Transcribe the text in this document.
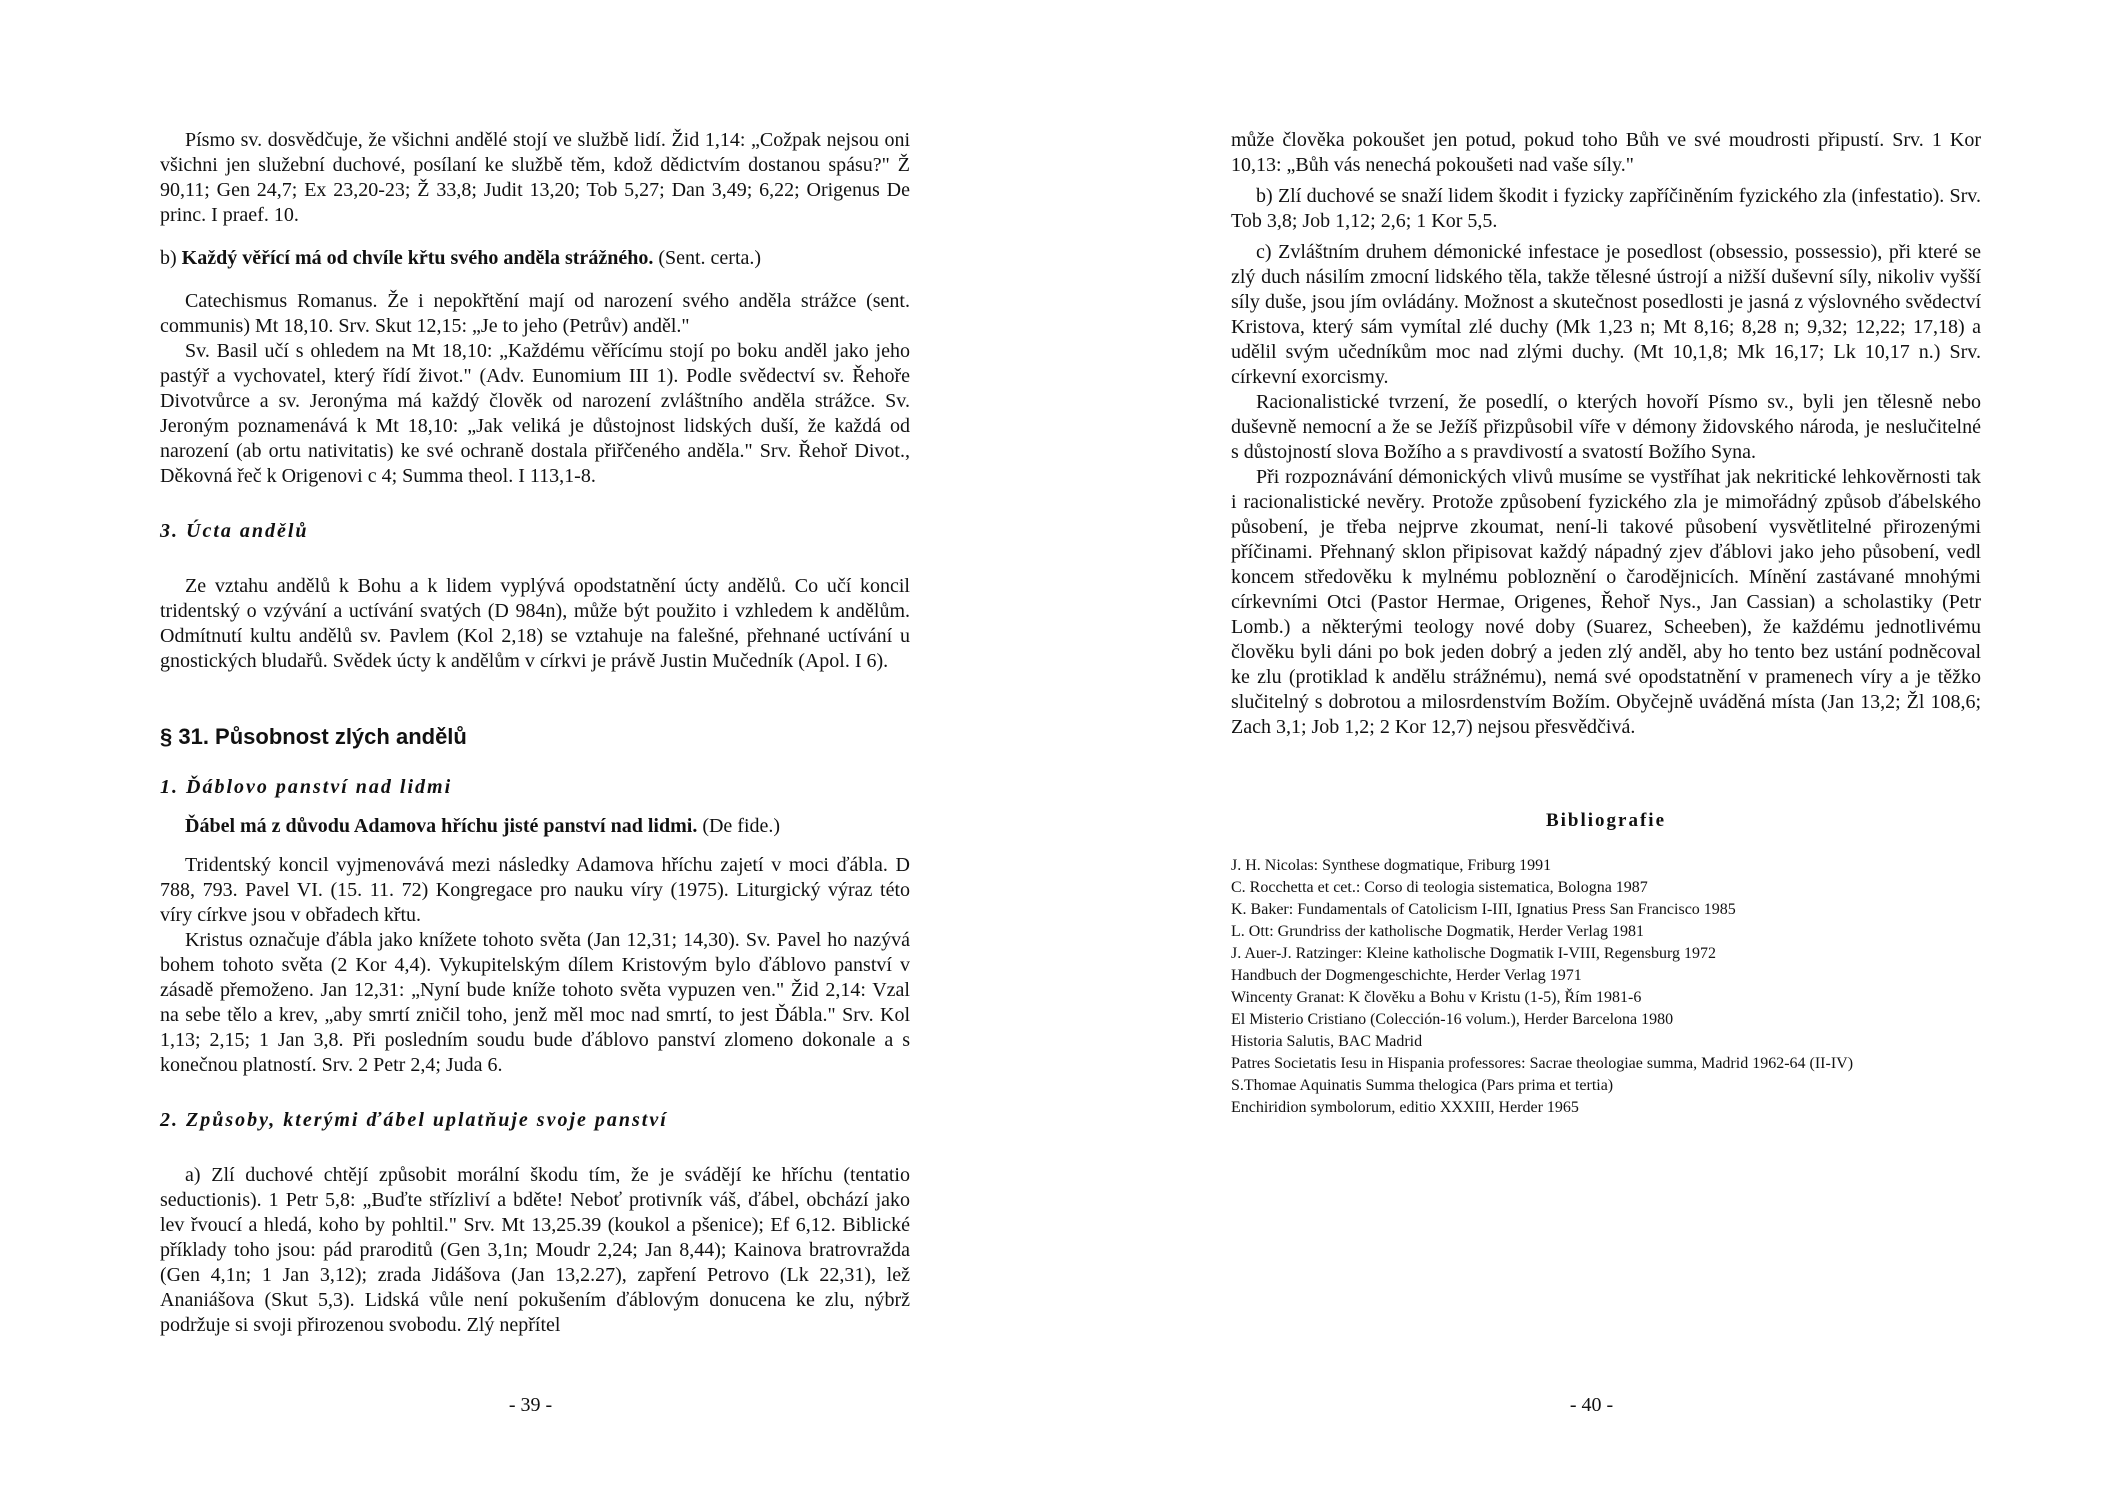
Písmo sv. dosvědčuje, že všichni andělé stojí ve službě lidí. Žid 1,14: „Cožpak nejsou oni všichni jen služební duchové, posílaní ke službě těm, kdož dědictvím dostanou spásu?" Ž 90,11; Gen 24,7; Ex 23,20-23; Ž 33,8; Judit 13,20; Tob 5,27; Dan 3,49; 6,22; Origenus De princ. I praef. 10.

b) Každý věřící má od chvíle křtu svého anděla strážného. (Sent. certa.)

Catechismus Romanus. Že i nepokřtění mají od narození svého anděla strážce (sent. communis) Mt 18,10. Srv. Skut 12,15: „Je to jeho (Petrův) anděl."

Sv. Basil učí s ohledem na Mt 18,10: „Každému věřícímu stojí po boku anděl jako jeho pastýř a vychovatel, který řídí život." (Adv. Eunomium III 1). Podle svědectví sv. Řehoře Divotvůrce a sv. Jeronýma má každý člověk od narození zvláštního anděla strážce. Sv. Jeroným poznamenává k Mt 18,10: „Jak veliká je důstojnost lidských duší, že každá od narození (ab ortu nativitatis) ke své ochraně dostala přiřčeného anděla." Srv. Řehoř Divot., Děkovná řeč k Origenovi c 4; Summa theol. I 113,1-8.

3. Úcta andělů

Ze vztahu andělů k Bohu a k lidem vyplývá opodstatnění úcty andělů. Co učí koncil tridentský o vzývání a uctívání svatých (D 984n), může být použito i vzhledem k andělům. Odmítnutí kultu andělů sv. Pavlem (Kol 2,18) se vztahuje na falešné, přehnané uctívání u gnostických bludařů. Svědek úcty k andělům v církvi je právě Justin Mučedník (Apol. I 6).

§ 31. Působnost zlých andělů

1. Ďáblovo panství nad lidmi

Ďábel má z důvodu Adamova hříchu jisté panství nad lidmi. (De fide.)

Tridentský koncil vyjmenovává mezi následky Adamova hříchu zajetí v moci ďábla. D 788, 793. Pavel VI. (15. 11. 72) Kongregace pro nauku víry (1975). Liturgický výraz této víry církve jsou v obřadech křtu.

Kristus označuje ďábla jako knížete tohoto světa (Jan 12,31; 14,30). Sv. Pavel ho nazývá bohem tohoto světa (2 Kor 4,4). Vykupitelským dílem Kristovým bylo ďáblovo panství v zásadě přemoženo. Jan 12,31: „Nyní bude kníže tohoto světa vypuzen ven." Žid 2,14: Vzal na sebe tělo a krev, „aby smrtí zničil toho, jenž měl moc nad smrtí, to jest Ďábla." Srv. Kol 1,13; 2,15; 1 Jan 3,8. Při posledním soudu bude ďáblovo panství zlomeno dokonale a s konečnou platností. Srv. 2 Petr 2,4; Juda 6.

2. Způsoby, kterými ďábel uplatňuje svoje panství

a) Zlí duchové chtějí způsobit morální škodu tím, že je svádějí ke hříchu (tentatio seductionis). 1 Petr 5,8: „Buďte střízliví a bděte! Neboť protivník váš, ďábel, obchází jako lev řvoucí a hledá, koho by pohltil." Srv. Mt 13,25.39 (koukol a pšenice); Ef 6,12. Biblické příklady toho jsou: pád praroditů (Gen 3,1n; Moudr 2,24; Jan 8,44); Kainova bratrovražda (Gen 4,1n; 1 Jan 3,12); zrada Jidášova (Jan 13,2.27), zapření Petrovo (Lk 22,31), lež Ananiášova (Skut 5,3). Lidská vůle není pokušením ďáblovým donucena ke zlu, nýbrž podržuje si svoji přirozenou svobodu. Zlý nepřítel

- 39 -

může člověka pokoušet jen potud, pokud toho Bůh ve své moudrosti připustí. Srv. 1 Kor 10,13: „Bůh vás nenechá pokoušeti nad vaše síly."

b) Zlí duchové se snaží lidem škodit i fyzicky zapříčiněním fyzického zla (infestatio). Srv. Tob 3,8; Job 1,12; 2,6; 1 Kor 5,5.

c) Zvláštním druhem démonické infestace je posedlost (obsessio, possessio), při které se zlý duch násilím zmocní lidského těla, takže tělesné ústrojí a nižší duševní síly, nikoliv vyšší síly duše, jsou jím ovládány. Možnost a skutečnost posedlosti je jasná z výslovného svědectví Kristova, který sám vymítal zlé duchy (Mk 1,23 n; Mt 8,16; 8,28 n; 9,32; 12,22; 17,18) a udělil svým učedníkům moc nad zlými duchy. (Mt 10,1,8; Mk 16,17; Lk 10,17 n.) Srv. církevní exorcismy.

Racionalistické tvrzení, že posedlí, o kterých hovoří Písmo sv., byli jen tělesně nebo duševně nemocní a že se Ježíš přizpůsobil víře v démony židovského národa, je neslučitelné s důstojností slova Božího a s pravdivostí a svatostí Božího Syna.

Při rozpoznávání démonických vlivů musíme se vystříhat jak nekritické lehkověrnosti tak i racionalistické nevěry. Protože způsobení fyzického zla je mimořádný způsob ďábelského působení, je třeba nejprve zkoumat, není-li takové působení vysvětlitelné přirozenými příčinami. Přehnaný sklon připisovat každý nápadný zjev ďáblovi jako jeho působení, vedl koncem středověku k mylnému pobloznění o čarodějnicích. Mínění zastávané mnohými církevními Otci (Pastor Hermae, Origenes, Řehoř Nys., Jan Cassian) a scholastiky (Petr Lomb.) a některými teology nové doby (Suarez, Scheeben), že každému jednotlivému člověku byli dáni po bok jeden dobrý a jeden zlý anděl, aby ho tento bez ustání podněcoval ke zlu (protiklad k andělu strážnému), nemá své opodstatnění v pramenech víry a je těžko slučitelný s dobrotou a milosrdenstvím Božím. Obyčejně uváděná místa (Jan 13,2; Žl 108,6; Zach 3,1; Job 1,2; 2 Kor 12,7) nejsou přesvědčivá.

Bibliografie

J. H. Nicolas: Synthese dogmatique, Friburg 1991
C. Rocchetta et cet.: Corso di teologia sistematica, Bologna 1987
K. Baker: Fundamentals of Catolicism I-III, Ignatius Press San Francisco 1985
L. Ott: Grundriss der katholische Dogmatik, Herder Verlag 1981
J. Auer-J. Ratzinger: Kleine katholische Dogmatik I-VIII, Regensburg 1972
Handbuch der Dogmengeschichte, Herder Verlag 1971
Wincenty Granat: K člověku a Bohu v Kristu (1-5), Řím 1981-6
El Misterio Cristiano (Colección-16 volum.), Herder Barcelona 1980
Historia Salutis, BAC Madrid
Patres Societatis Iesu in Hispania professores: Sacrae theologiae summa, Madrid 1962-64 (II-IV)
S.Thomae Aquinatis Summa thelogica (Pars prima et tertia)
Enchiridion symbolorum, editio XXXIII, Herder 1965
- 40 -
